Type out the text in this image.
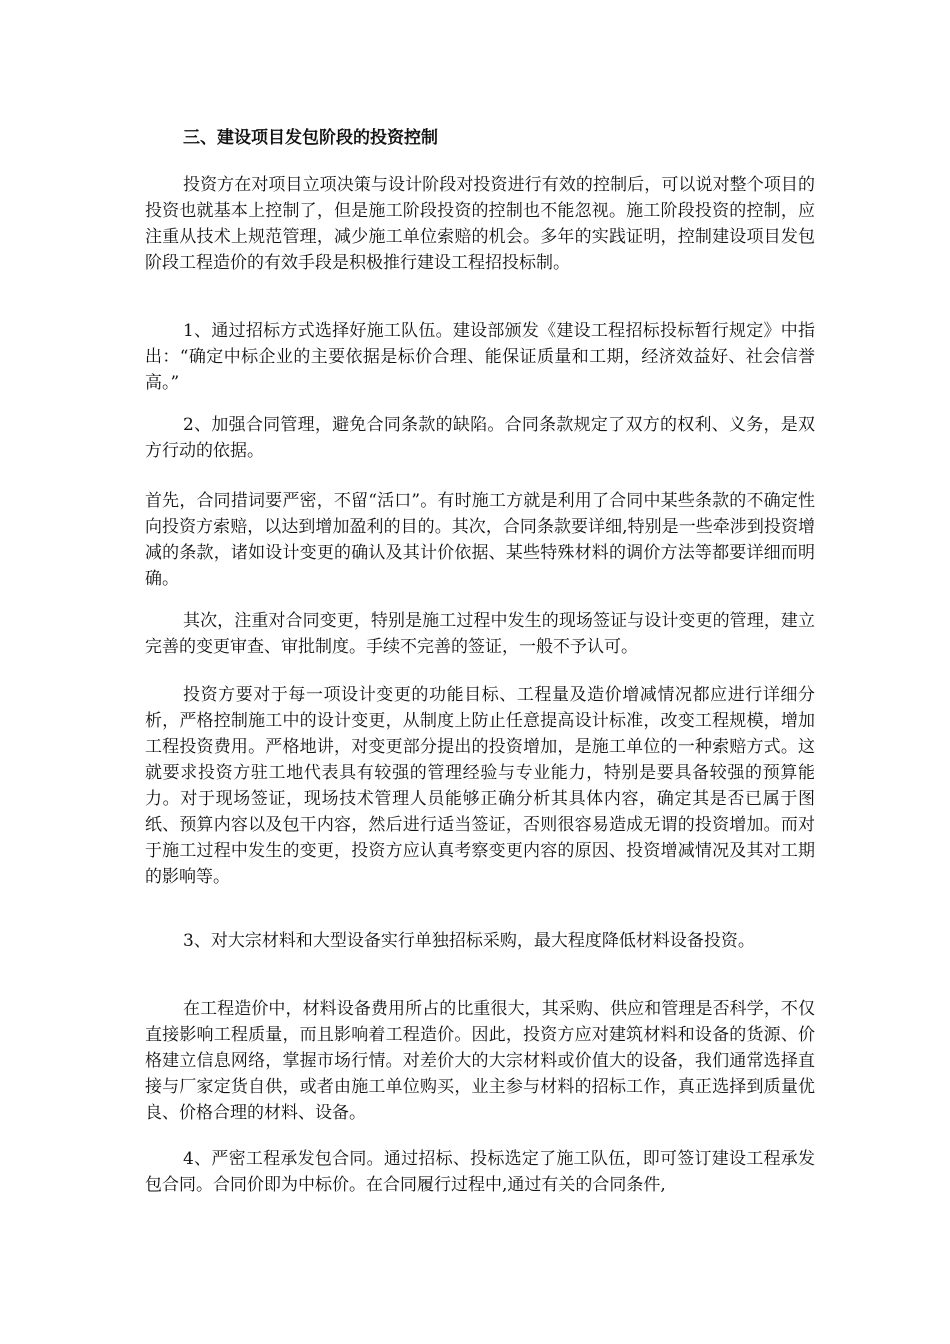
三、建设项目发包阶段的投资控制

投资方在对项目立项决策与设计阶段对投资进行有效的控制后，可以说对整个项目的投资也就基本上控制了，但是施工阶段投资的控制也不能忽视。施工阶段投资的控制，应注重从技术上规范管理，减少施工单位索赔的机会。多年的实践证明，控制建设项目发包阶段工程造价的有效手段是积极推行建设工程招投标制。

1、通过招标方式选择好施工队伍。建设部颁发《建设工程招标投标暂行规定》中指出：“确定中标企业的主要依据是标价合理、能保证质量和工期，经济效益好、社会信誉高。”

2、加强合同管理，避免合同条款的缺陷。合同条款规定了双方的权利、义务，是双方行动的依据。

首先，合同措词要严密，不留“活口”。有时施工方就是利用了合同中某些条款的不确定性向投资方索赔，以达到增加盈利的目的。其次，合同条款要详细,特别是一些牵涉到投资增减的条款，诸如设计变更的确认及其计价依据、某些特殊材料的调价方法等都要详细而明确。

其次，注重对合同变更，特别是施工过程中发生的现场签证与设计变更的管理，建立完善的变更审查、审批制度。手续不完善的签证，一般不予认可。

投资方要对于每一项设计变更的功能目标、工程量及造价增减情况都应进行详细分析，严格控制施工中的设计变更，从制度上防止任意提高设计标准，改变工程规模，增加工程投资费用。严格地讲，对变更部分提出的投资增加，是施工单位的一种索赔方式。这就要求投资方驻工地代表具有较强的管理经验与专业能力，特别是要具备较强的预算能力。对于现场签证，现场技术管理人员能够正确分析其具体内容，确定其是否已属于图纸、预算内容以及包干内容，然后进行适当签证，否则很容易造成无谓的投资增加。而对于施工过程中发生的变更，投资方应认真考察变更内容的原因、投资增减情况及其对工期的影响等。

3、对大宗材料和大型设备实行单独招标采购，最大程度降低材料设备投资。

在工程造价中，材料设备费用所占的比重很大，其采购、供应和管理是否科学，不仅直接影响工程质量，而且影响着工程造价。因此，投资方应对建筑材料和设备的货源、价格建立信息网络，掌握市场行情。对差价大的大宗材料或价值大的设备，我们通常选择直接与厂家定货自供，或者由施工单位购买，业主参与材料的招标工作，真正选择到质量优良、价格合理的材料、设备。

4、严密工程承发包合同。通过招标、投标选定了施工队伍，即可签订建设工程承发包合同。合同价即为中标价。在合同履行过程中,通过有关的合同条件,
